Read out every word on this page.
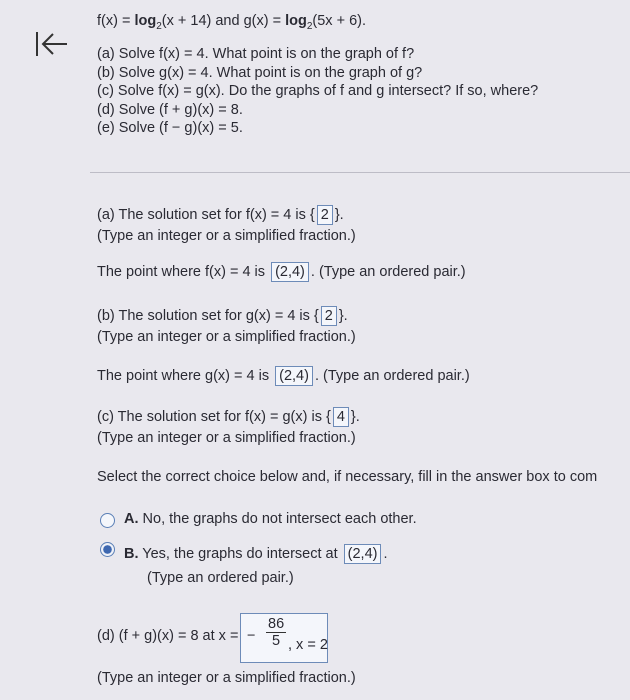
$f(x) = \log_2(x + 14)$ and $g(x) = \log_2(5x + 6)$.
(a) Solve f(x) = 4. What point is on the graph of f?
(b) Solve g(x) = 4. What point is on the graph of g?
(c) Solve f(x) = g(x). Do the graphs of f and g intersect? If so, where?
(d) Solve (f + g)(x) = 8.
(e) Solve (f − g)(x) = 5.
(a) The solution set for f(x) = 4 is { 2 }.
(Type an integer or a simplified fraction.)
The point where f(x) = 4 is (2,4) . (Type an ordered pair.)
(b) The solution set for g(x) = 4 is { 2 }.
(Type an integer or a simplified fraction.)
The point where g(x) = 4 is (2,4) . (Type an ordered pair.)
(c) The solution set for f(x) = g(x) is { 4 }.
(Type an integer or a simplified fraction.)
Select the correct choice below and, if necessary, fill in the answer box to com
A. No, the graphs do not intersect each other.
B. Yes, the graphs do intersect at (2,4) .
(Type an ordered pair.)
(d) (f + g)(x) = 8 at x = − $\frac{86}{5}$ , x = 2
(Type an integer or a simplified fraction.)
